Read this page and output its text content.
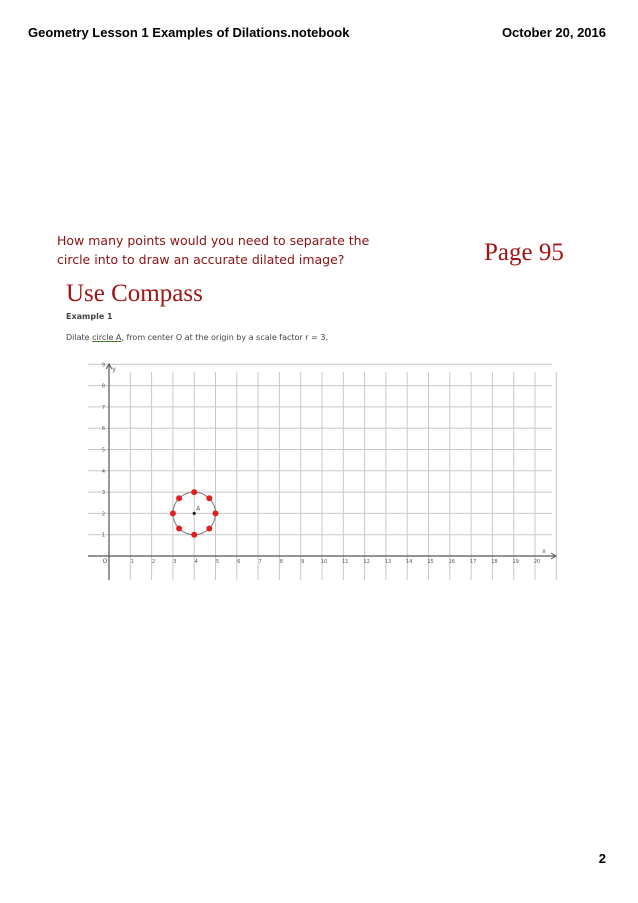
Geometry Lesson 1 Examples of Dilations.notebook	October 20, 2016
How many points would you need to separate the
circle into to draw an accurate dilated image?	Page 95
Use Compass
Example 1
Dilate circle A, from center O at the origin by a scale factor r = 3.
1	2	3	4	5	6	7	8	9	10	11	12	13	14	15	16	17	18	19	20
1
2
3
4
5
6
7
8
9
O
y
x
A
2
